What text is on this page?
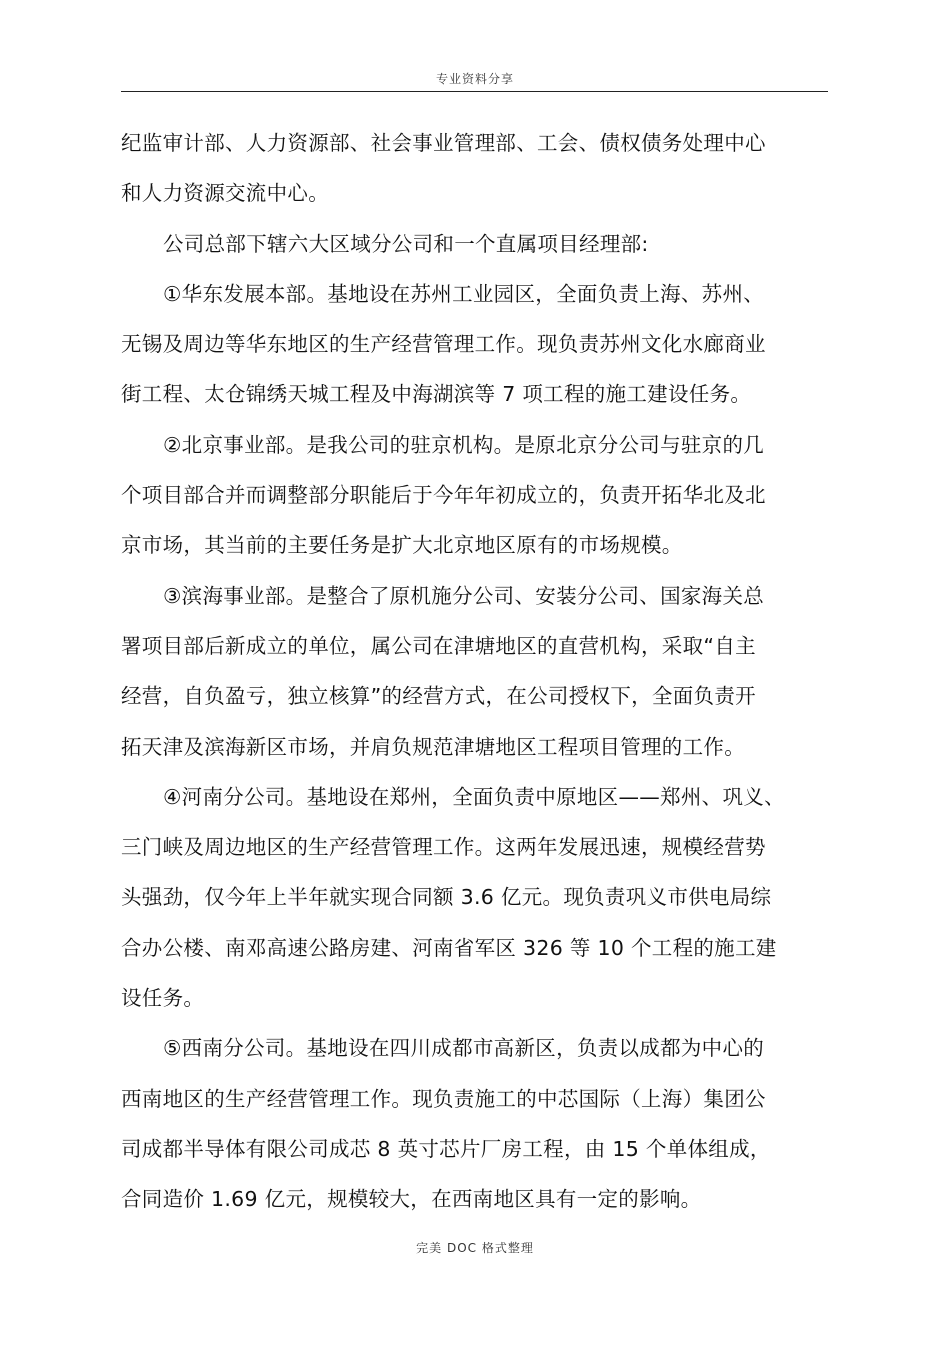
专业资料分享
纪监审计部、人力资源部、社会事业管理部、工会、债权债务处理中心
和人力资源交流中心。
公司总部下辖六大区域分公司和一个直属项目经理部:
①华东发展本部。基地设在苏州工业园区，全面负责上海、苏州、
无锡及周边等华东地区的生产经营管理工作。现负责苏州文化水廊商业
街工程、太仓锦绣天城工程及中海湖滨等 7 项工程的施工建设任务。
②北京事业部。是我公司的驻京机构。是原北京分公司与驻京的几
个项目部合并而调整部分职能后于今年年初成立的，负责开拓华北及北
京市场，其当前的主要任务是扩大北京地区原有的市场规模。
③滨海事业部。是整合了原机施分公司、安装分公司、国家海关总
署项目部后新成立的单位，属公司在津塘地区的直营机构，采取“自主
经营，自负盈亏，独立核算”的经营方式，在公司授权下，全面负责开
拓天津及滨海新区市场，并肩负规范津塘地区工程项目管理的工作。
④河南分公司。基地设在郑州，全面负责中原地区——郑州、巩义、
三门峡及周边地区的生产经营管理工作。这两年发展迅速，规模经营势
头强劲，仅今年上半年就实现合同额 3.6 亿元。现负责巩义市供电局综
合办公楼、南邓高速公路房建、河南省军区 326 等 10 个工程的施工建
设任务。
⑤西南分公司。基地设在四川成都市高新区，负责以成都为中心的
西南地区的生产经营管理工作。现负责施工的中芯国际（上海）集团公
司成都半导体有限公司成芯 8 英寸芯片厂房工程，由 15 个单体组成，
合同造价 1.69 亿元，规模较大，在西南地区具有一定的影响。
完美 DOC 格式整理
